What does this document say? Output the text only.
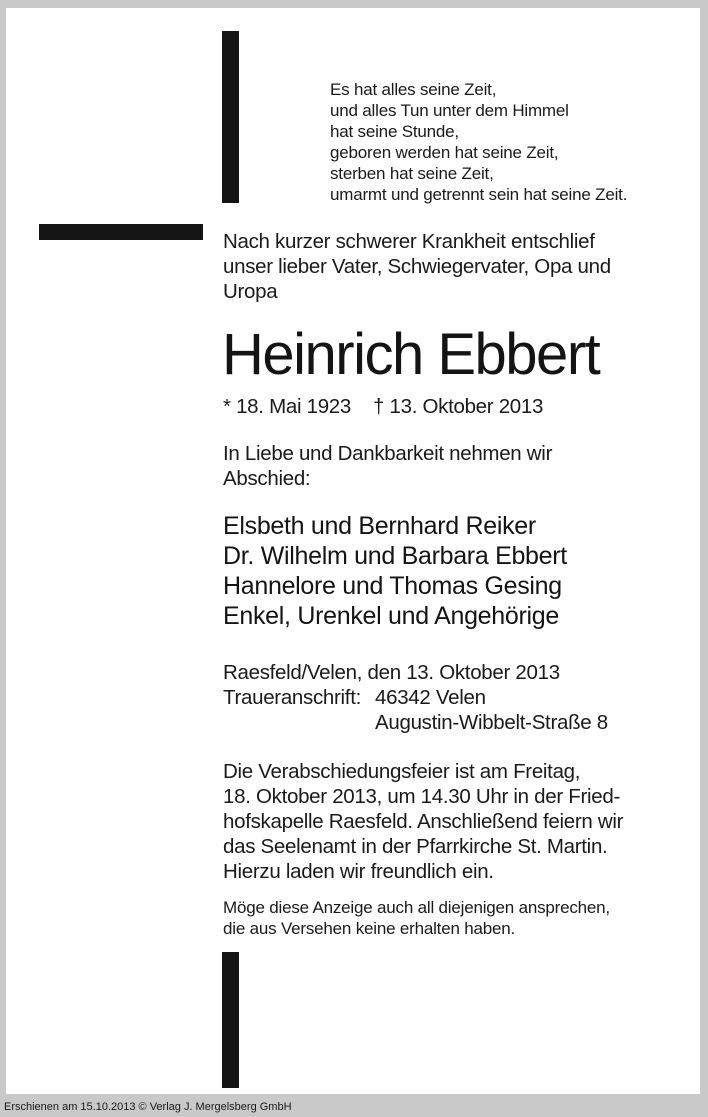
Es hat alles seine Zeit,
und alles Tun unter dem Himmel
hat seine Stunde,
geboren werden hat seine Zeit,
sterben hat seine Zeit,
umarmt und getrennt sein hat seine Zeit.
Nach kurzer schwerer Krankheit entschlief
unser lieber Vater, Schwiegervater, Opa und
Uropa
Heinrich Ebbert
* 18. Mai 1923 † 13. Oktober 2013
In Liebe und Dankbarkeit nehmen wir
Abschied:
Elsbeth und Bernhard Reiker
Dr. Wilhelm und Barbara Ebbert
Hannelore und Thomas Gesing
Enkel, Urenkel und Angehörige
Raesfeld/Velen, den 13. Oktober 2013
Traueranschrift: 46342 Velen
Augustin-Wibbelt-Straße 8
Die Verabschiedungsfeier ist am Freitag,
18. Oktober 2013, um 14.30 Uhr in der Fried-
hofskapelle Raesfeld. Anschließend feiern wir
das Seelenamt in der Pfarrkirche St. Martin.
Hierzu laden wir freundlich ein.
Möge diese Anzeige auch all diejenigen ansprechen,
die aus Versehen keine erhalten haben.
Erschienen am 15.10.2013 © Verlag J. Mergelsberg GmbH
